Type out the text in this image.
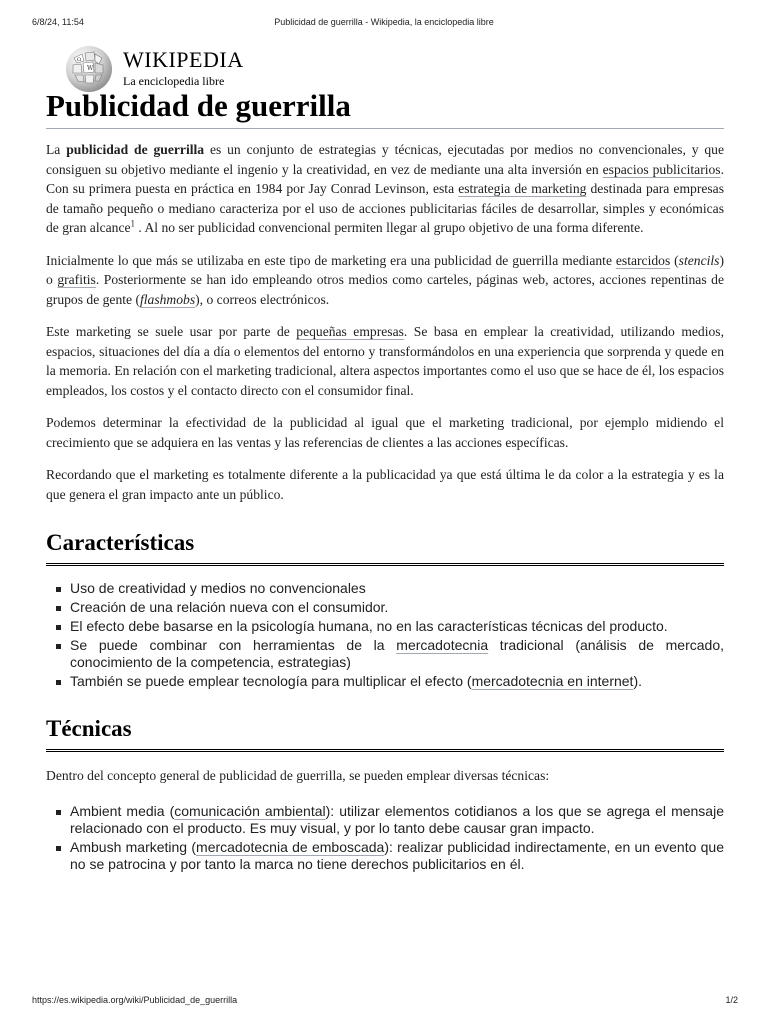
6/8/24, 11:54	Publicidad de guerrilla - Wikipedia, la enciclopedia libre
Ω
W WIKIPEDIA
La enciclopedia libre
Publicidad de guerrilla

La publicidad de guerrilla es un conjunto de estrategias y técnicas, ejecutadas por medios no convencionales, y que consiguen su objetivo mediante el ingenio y la creatividad, en vez de mediante una alta inversión en espacios publicitarios. Con su primera puesta en práctica en 1984 por Jay Conrad Levinson, esta estrategia de marketing destinada para empresas de tamaño pequeño o mediano caracteriza por el uso de acciones publicitarias fáciles de desarrollar, simples y económicas de gran alcance$^1$ . Al no ser publicidad convencional permiten llegar al grupo objetivo de una forma diferente.

Inicialmente lo que más se utilizaba en este tipo de marketing era una publicidad de guerrilla mediante estarcidos (stencils) o grafitis. Posteriormente se han ido empleando otros medios como carteles, páginas web, actores, acciones repentinas de grupos de gente (flashmobs), o correos electrónicos.

Este marketing se suele usar por parte de pequeñas empresas. Se basa en emplear la creatividad, utilizando medios, espacios, situaciones del día a día o elementos del entorno y transformándolos en una experiencia que sorprenda y quede en la memoria. En relación con el marketing tradicional, altera aspectos importantes como el uso que se hace de él, los espacios empleados, los costos y el contacto directo con el consumidor final.

Podemos determinar la efectividad de la publicidad al igual que el marketing tradicional, por ejemplo midiendo el crecimiento que se adquiera en las ventas y las referencias de clientes a las acciones específicas.

Recordando que el marketing es totalmente diferente a la publicacidad ya que está última le da color a la estrategia y es la que genera el gran impacto ante un público.

Características
Uso de creatividad y medios no convencionales
Creación de una relación nueva con el consumidor.
El efecto debe basarse en la psicología humana, no en las características técnicas del producto.
Se puede combinar con herramientas de la mercadotecnia tradicional (análisis de mercado, conocimiento de la competencia, estrategias)
También se puede emplear tecnología para multiplicar el efecto (mercadotecnia en internet).
Técnicas

Dentro del concepto general de publicidad de guerrilla, se pueden emplear diversas técnicas:

Ambient media (comunicación ambiental): utilizar elementos cotidianos a los que se agrega el mensaje relacionado con el producto. Es muy visual, y por lo tanto debe causar gran impacto.
Ambush marketing (mercadotecnia de emboscada): realizar publicidad indirectamente, en un evento que no se patrocina y por tanto la marca no tiene derechos publicitarios en él.
https://es.wikipedia.org/wiki/Publicidad_de_guerrilla	1/2
